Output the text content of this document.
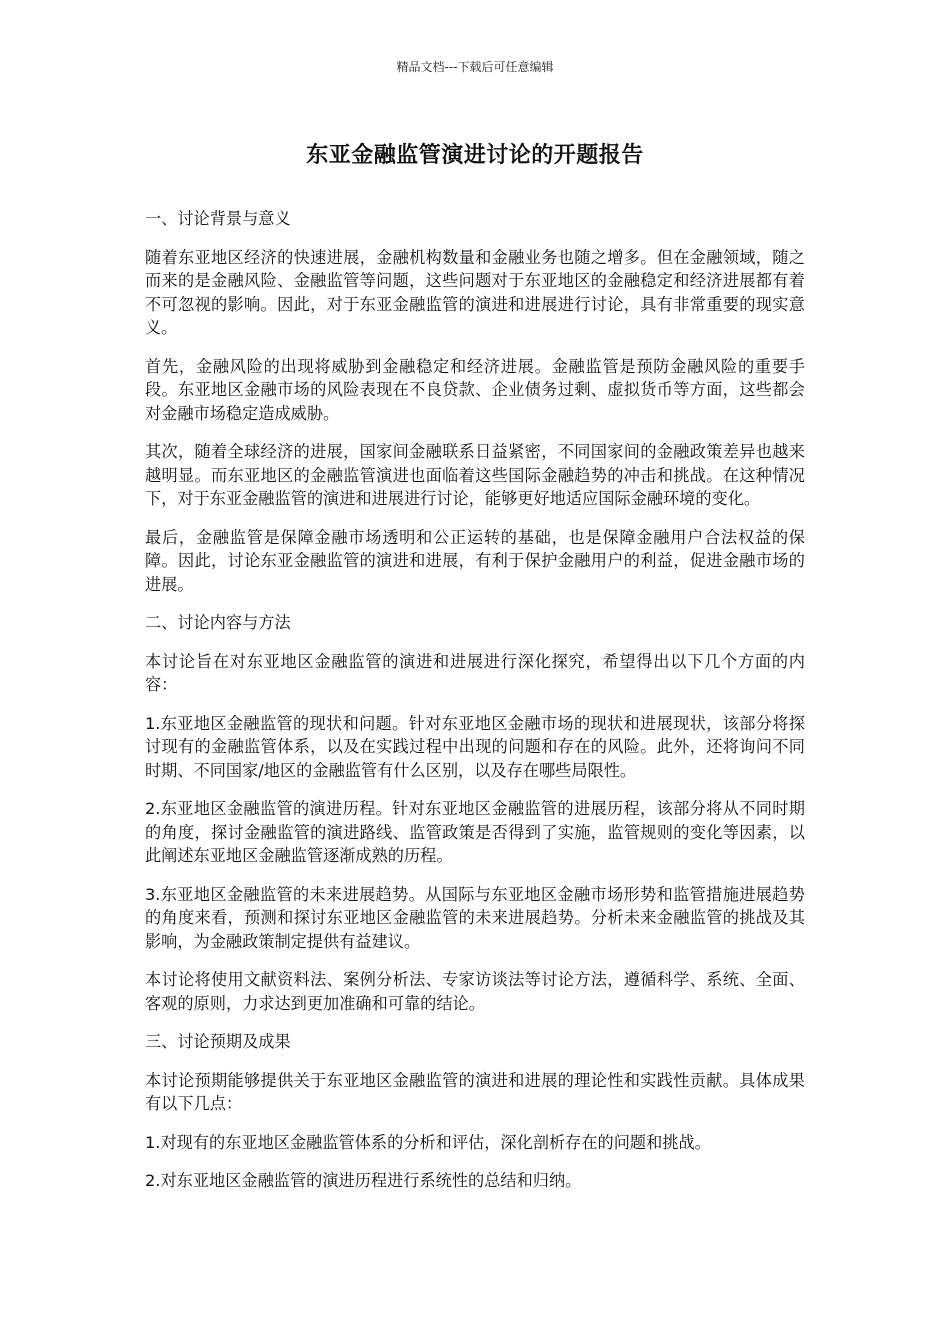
精品文档---下载后可任意编辑
东亚金融监管演进讨论的开题报告

一、讨论背景与意义

随着东亚地区经济的快速进展，金融机构数量和金融业务也随之增多。但在金融领域，随之而来的是金融风险、金融监管等问题，这些问题对于东亚地区的金融稳定和经济进展都有着不可忽视的影响。因此，对于东亚金融监管的演进和进展进行讨论，具有非常重要的现实意义。

首先，金融风险的出现将威胁到金融稳定和经济进展。金融监管是预防金融风险的重要手段。东亚地区金融市场的风险表现在不良贷款、企业债务过剩、虚拟货币等方面，这些都会对金融市场稳定造成威胁。

其次，随着全球经济的进展，国家间金融联系日益紧密，不同国家间的金融政策差异也越来越明显。而东亚地区的金融监管演进也面临着这些国际金融趋势的冲击和挑战。在这种情况下，对于东亚金融监管的演进和进展进行讨论，能够更好地适应国际金融环境的变化。

最后，金融监管是保障金融市场透明和公正运转的基础，也是保障金融用户合法权益的保障。因此，讨论东亚金融监管的演进和进展，有利于保护金融用户的利益，促进金融市场的进展。

二、讨论内容与方法

本讨论旨在对东亚地区金融监管的演进和进展进行深化探究，希望得出以下几个方面的内容：

1.东亚地区金融监管的现状和问题。针对东亚地区金融市场的现状和进展现状，该部分将探讨现有的金融监管体系，以及在实践过程中出现的问题和存在的风险。此外，还将询问不同时期、不同国家/地区的金融监管有什么区别，以及存在哪些局限性。

2.东亚地区金融监管的演进历程。针对东亚地区金融监管的进展历程，该部分将从不同时期的角度，探讨金融监管的演进路线、监管政策是否得到了实施，监管规则的变化等因素，以此阐述东亚地区金融监管逐渐成熟的历程。

3.东亚地区金融监管的未来进展趋势。从国际与东亚地区金融市场形势和监管措施进展趋势的角度来看，预测和探讨东亚地区金融监管的未来进展趋势。分析未来金融监管的挑战及其影响，为金融政策制定提供有益建议。

本讨论将使用文献资料法、案例分析法、专家访谈法等讨论方法，遵循科学、系统、全面、客观的原则，力求达到更加准确和可靠的结论。

三、讨论预期及成果

本讨论预期能够提供关于东亚地区金融监管的演进和进展的理论性和实践性贡献。具体成果有以下几点：

1.对现有的东亚地区金融监管体系的分析和评估，深化剖析存在的问题和挑战。

2.对东亚地区金融监管的演进历程进行系统性的总结和归纳。
